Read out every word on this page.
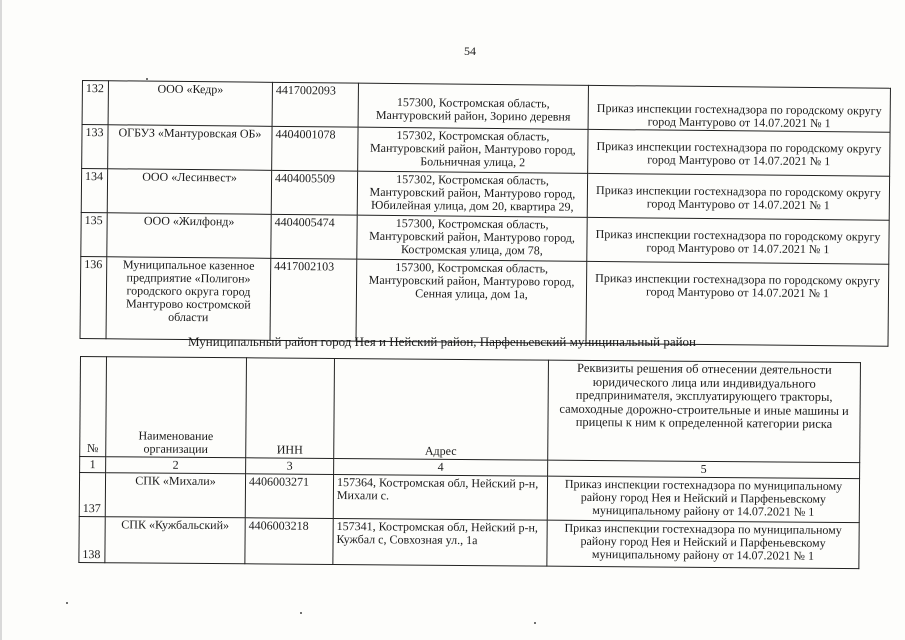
54
132	ООО «Кедр»	4417002093	157300, Костромская область, Мантуровский район, Зорино деревня	Приказ инспекции гостехнадзора по городскому округу город Мантурово от 14.07.2021 № 1
133	ОГБУЗ «Мантуровская ОБ»	4404001078	157302, Костромская область, Мантуровский район, Мантурово город, Больничная улица, 2	Приказ инспекции гостехнадзора по городскому округу город Мантурово от 14.07.2021 № 1
134	ООО «Лесинвест»	4404005509	157302, Костромская область, Мантуровский район, Мантурово город, Юбилейная улица, дом 20, квартира 29,	Приказ инспекции гостехнадзора по городскому округу город Мантурово от 14.07.2021 № 1
135	ООО «Жилфонд»	4404005474	157300, Костромская область, Мантуровский район, Мантурово город, Костромская улица, дом 78,	Приказ инспекции гостехнадзора по городскому округу город Мантурово от 14.07.2021 № 1
136	Муниципальное казенное предприятие «Полигон» городского округа город Мантурово костромской области	4417002103	157300, Костромская область, Мантуровский район, Мантурово город, Сенная улица, дом 1а,	Приказ инспекции гостехнадзора по городскому округу город Мантурово от 14.07.2021 № 1
Муниципальный район город Нея и Нейский район, Парфеньевский муниципальный район
№	Наименование организации	ИНН	Адрес	Реквизиты решения об отнесении деятельности юридического лица или индивидуального предпринимателя, эксплуатирующего тракторы, самоходные дорожно-строительные и иные машины и прицепы к ним к определенной категории риска
1	2	3	4	5
137	СПК «Михали»	4406003271	157364, Костромская обл, Нейский р-н, Михали с.	Приказ инспекции гостехнадзора по муниципальному району город Нея и Нейский и Парфеньевскому муниципальному району от 14.07.2021 № 1
138	СПК «Кужбальский»	4406003218	157341, Костромская обл, Нейский р-н, Кужбал с, Совхозная ул., 1а	Приказ инспекции гостехнадзора по муниципальному району город Нея и Нейский и Парфеньевскому муниципальному району от 14.07.2021 № 1
